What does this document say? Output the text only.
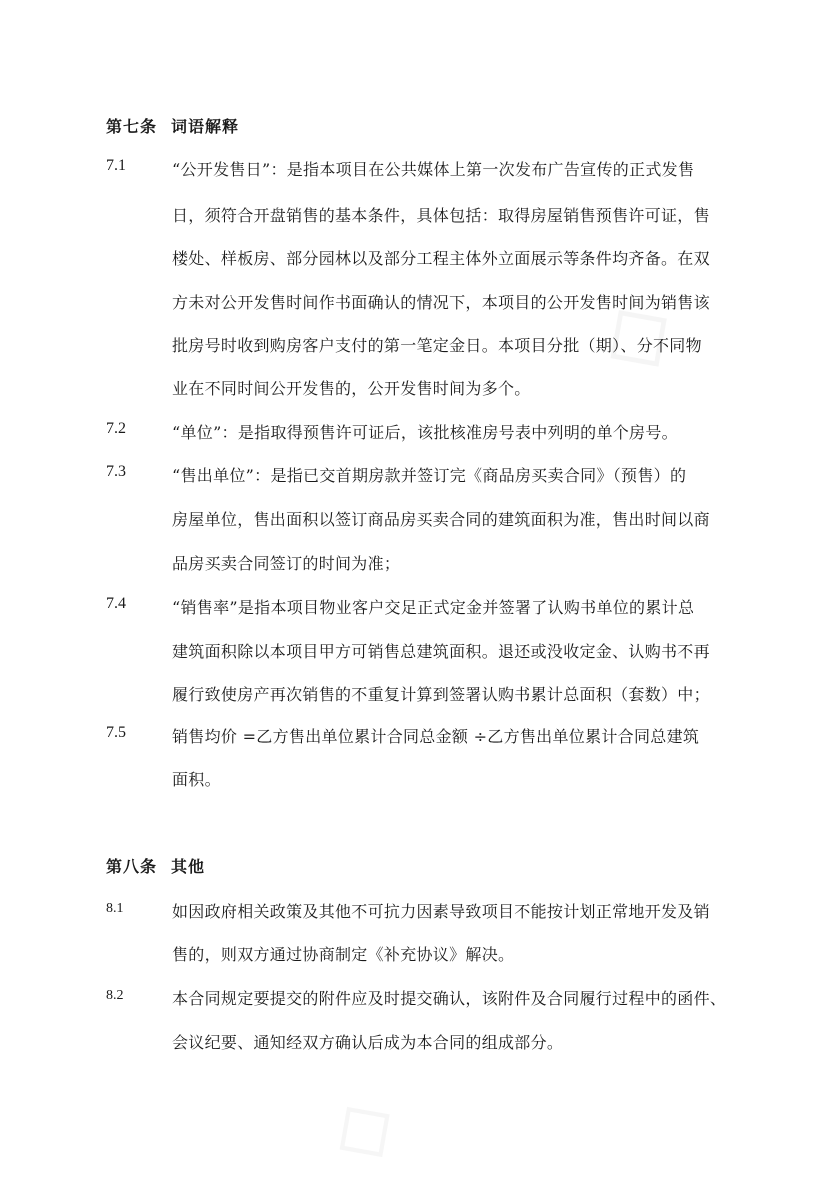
◇
◇
第七条 词语解释
7.1	“公开发售日”：是指本项目在公共媒体上第一次发布广告宣传的正式发售
日，须符合开盘销售的基本条件，具体包括：取得房屋销售预售许可证，售
楼处、样板房、部分园林以及部分工程主体外立面展示等条件均齐备。在双
方未对公开发售时间作书面确认的情况下，本项目的公开发售时间为销售该
批房号时收到购房客户支付的第一笔定金日。本项目分批（期）、分不同物
业在不同时间公开发售的，公开发售时间为多个。
7.2	“单位”：是指取得预售许可证后，该批核准房号表中列明的单个房号。
7.3	“售出单位”：是指已交首期房款并签订完《商品房买卖合同》（预售）的
房屋单位，售出面积以签订商品房买卖合同的建筑面积为准，售出时间以商
品房买卖合同签订的时间为准；
7.4	“销售率”是指本项目物业客户交足正式定金并签署了认购书单位的累计总
建筑面积除以本项目甲方可销售总建筑面积。退还或没收定金、认购书不再
履行致使房产再次销售的不重复计算到签署认购书累计总面积（套数）中；
7.5	销售均价 =乙方售出单位累计合同总金额 ÷乙方售出单位累计合同总建筑
面积。
第八条 其他
8.1	如因政府相关政策及其他不可抗力因素导致项目不能按计划正常地开发及销
售的，则双方通过协商制定《补充协议》解决。
8.2	本合同规定要提交的附件应及时提交确认，该附件及合同履行过程中的函件、
会议纪要、通知经双方确认后成为本合同的组成部分。
